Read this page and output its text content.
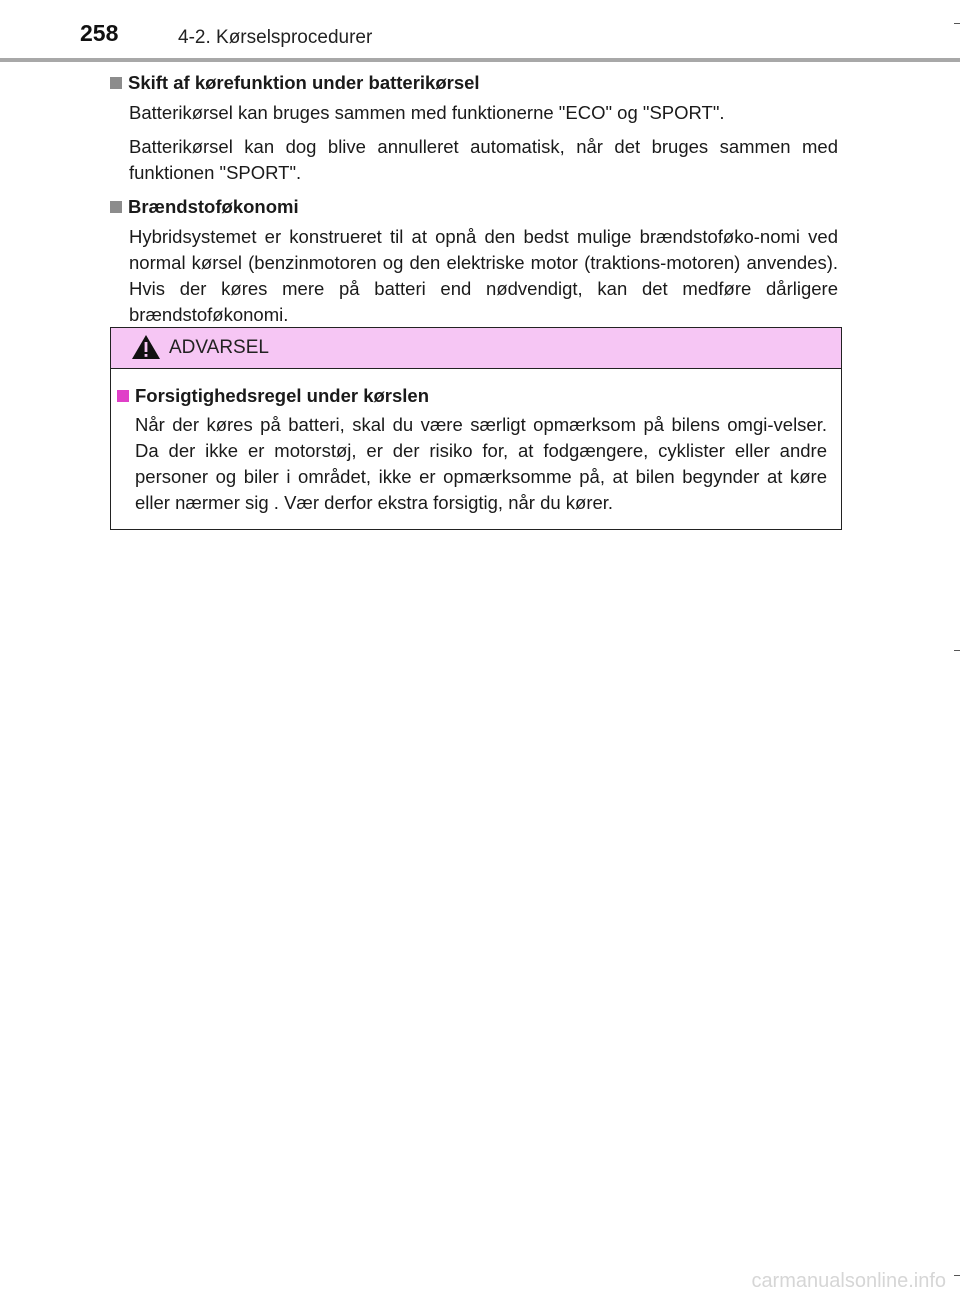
258	4-2. Kørselsprocedurer
Skift af kørefunktion under batterikørsel

Batterikørsel kan bruges sammen med funktionerne "ECO" og "SPORT".

Batterikørsel kan dog blive annulleret automatisk, når det bruges sammen med funktionen "SPORT".

Brændstoføkonomi

Hybridsystemet er konstrueret til at opnå den bedst mulige brændstoføko-nomi ved normal kørsel (benzinmotoren og den elektriske motor (traktions-motoren) anvendes). Hvis der køres mere på batteri end nødvendigt, kan det medføre dårligere brændstoføkonomi.

ADVARSEL
Forsigtighedsregel under kørslen

Når der køres på batteri, skal du være særligt opmærksom på bilens omgi-velser. Da der ikke er motorstøj, er der risiko for, at fodgængere, cyklister eller andre personer og biler i området, ikke er opmærksomme på, at bilen begynder at køre eller nærmer sig . Vær derfor ekstra forsigtig, når du kører.

carmanualsonline.info
